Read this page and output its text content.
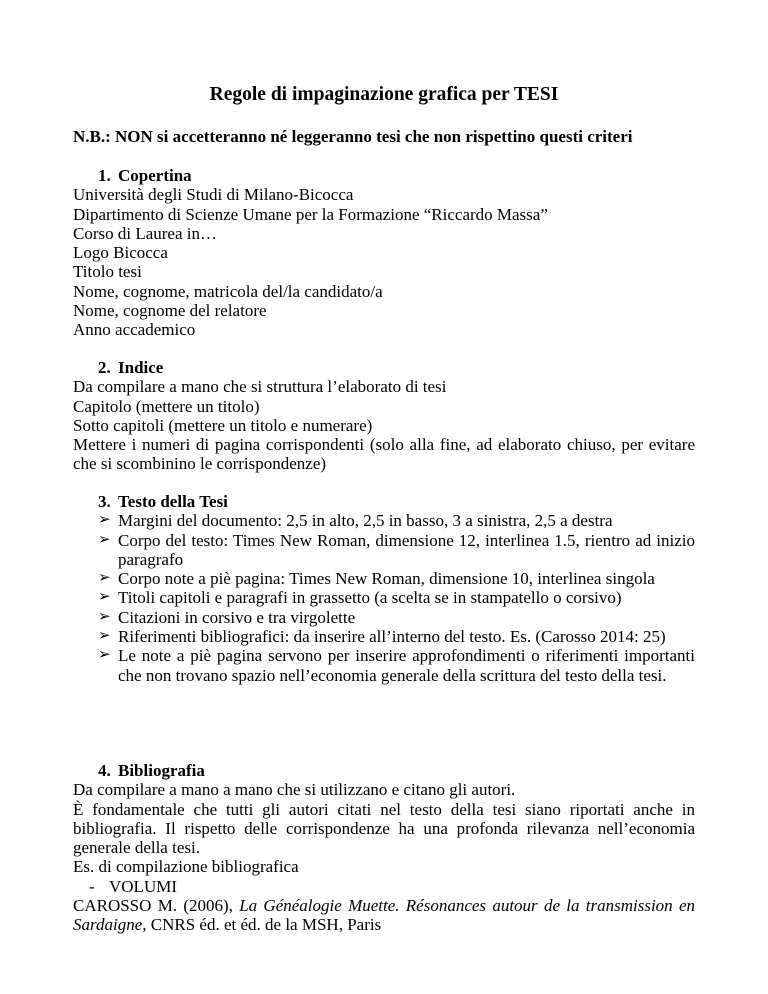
Regole di impaginazione grafica per TESI
N.B.: NON si accetteranno né leggeranno tesi che non rispettino questi criteri
1. Copertina
Università degli Studi di Milano-Bicocca
Dipartimento di Scienze Umane per la Formazione “Riccardo Massa”
Corso di Laurea in…
Logo Bicocca
Titolo tesi
Nome, cognome, matricola del/la candidato/a
Nome, cognome del relatore
Anno accademico
2. Indice
Da compilare a mano che si struttura l’elaborato di tesi
Capitolo (mettere un titolo)
Sotto capitoli (mettere un titolo e numerare)
Mettere i numeri di pagina corrispondenti (solo alla fine, ad elaborato chiuso, per evitare che si scombinino le corrispondenze)
3. Testo della Tesi
➢ Margini del documento: 2,5 in alto, 2,5 in basso, 3 a sinistra, 2,5 a destra
➢ Corpo del testo: Times New Roman, dimensione 12, interlinea 1.5, rientro ad inizio paragrafo
➢ Corpo note a piè pagina: Times New Roman, dimensione 10, interlinea singola
➢ Titoli capitoli e paragrafi in grassetto (a scelta se in stampatello o corsivo)
➢ Citazioni in corsivo e tra virgolette
➢ Riferimenti bibliografici: da inserire all’interno del testo. Es. (Carosso 2014: 25)
➢ Le note a piè pagina servono per inserire approfondimenti o riferimenti importanti che non trovano spazio nell’economia generale della scrittura del testo della tesi.
4. Bibliografia
Da compilare a mano a mano che si utilizzano e citano gli autori.
È fondamentale che tutti gli autori citati nel testo della tesi siano riportati anche in bibliografia. Il rispetto delle corrispondenze ha una profonda rilevanza nell’economia generale della tesi.
Es. di compilazione bibliografica
- VOLUMI
CAROSSO M. (2006), La Généalogie Muette. Résonances autour de la transmission en Sardaigne, CNRS éd. et éd. de la MSH, Paris
